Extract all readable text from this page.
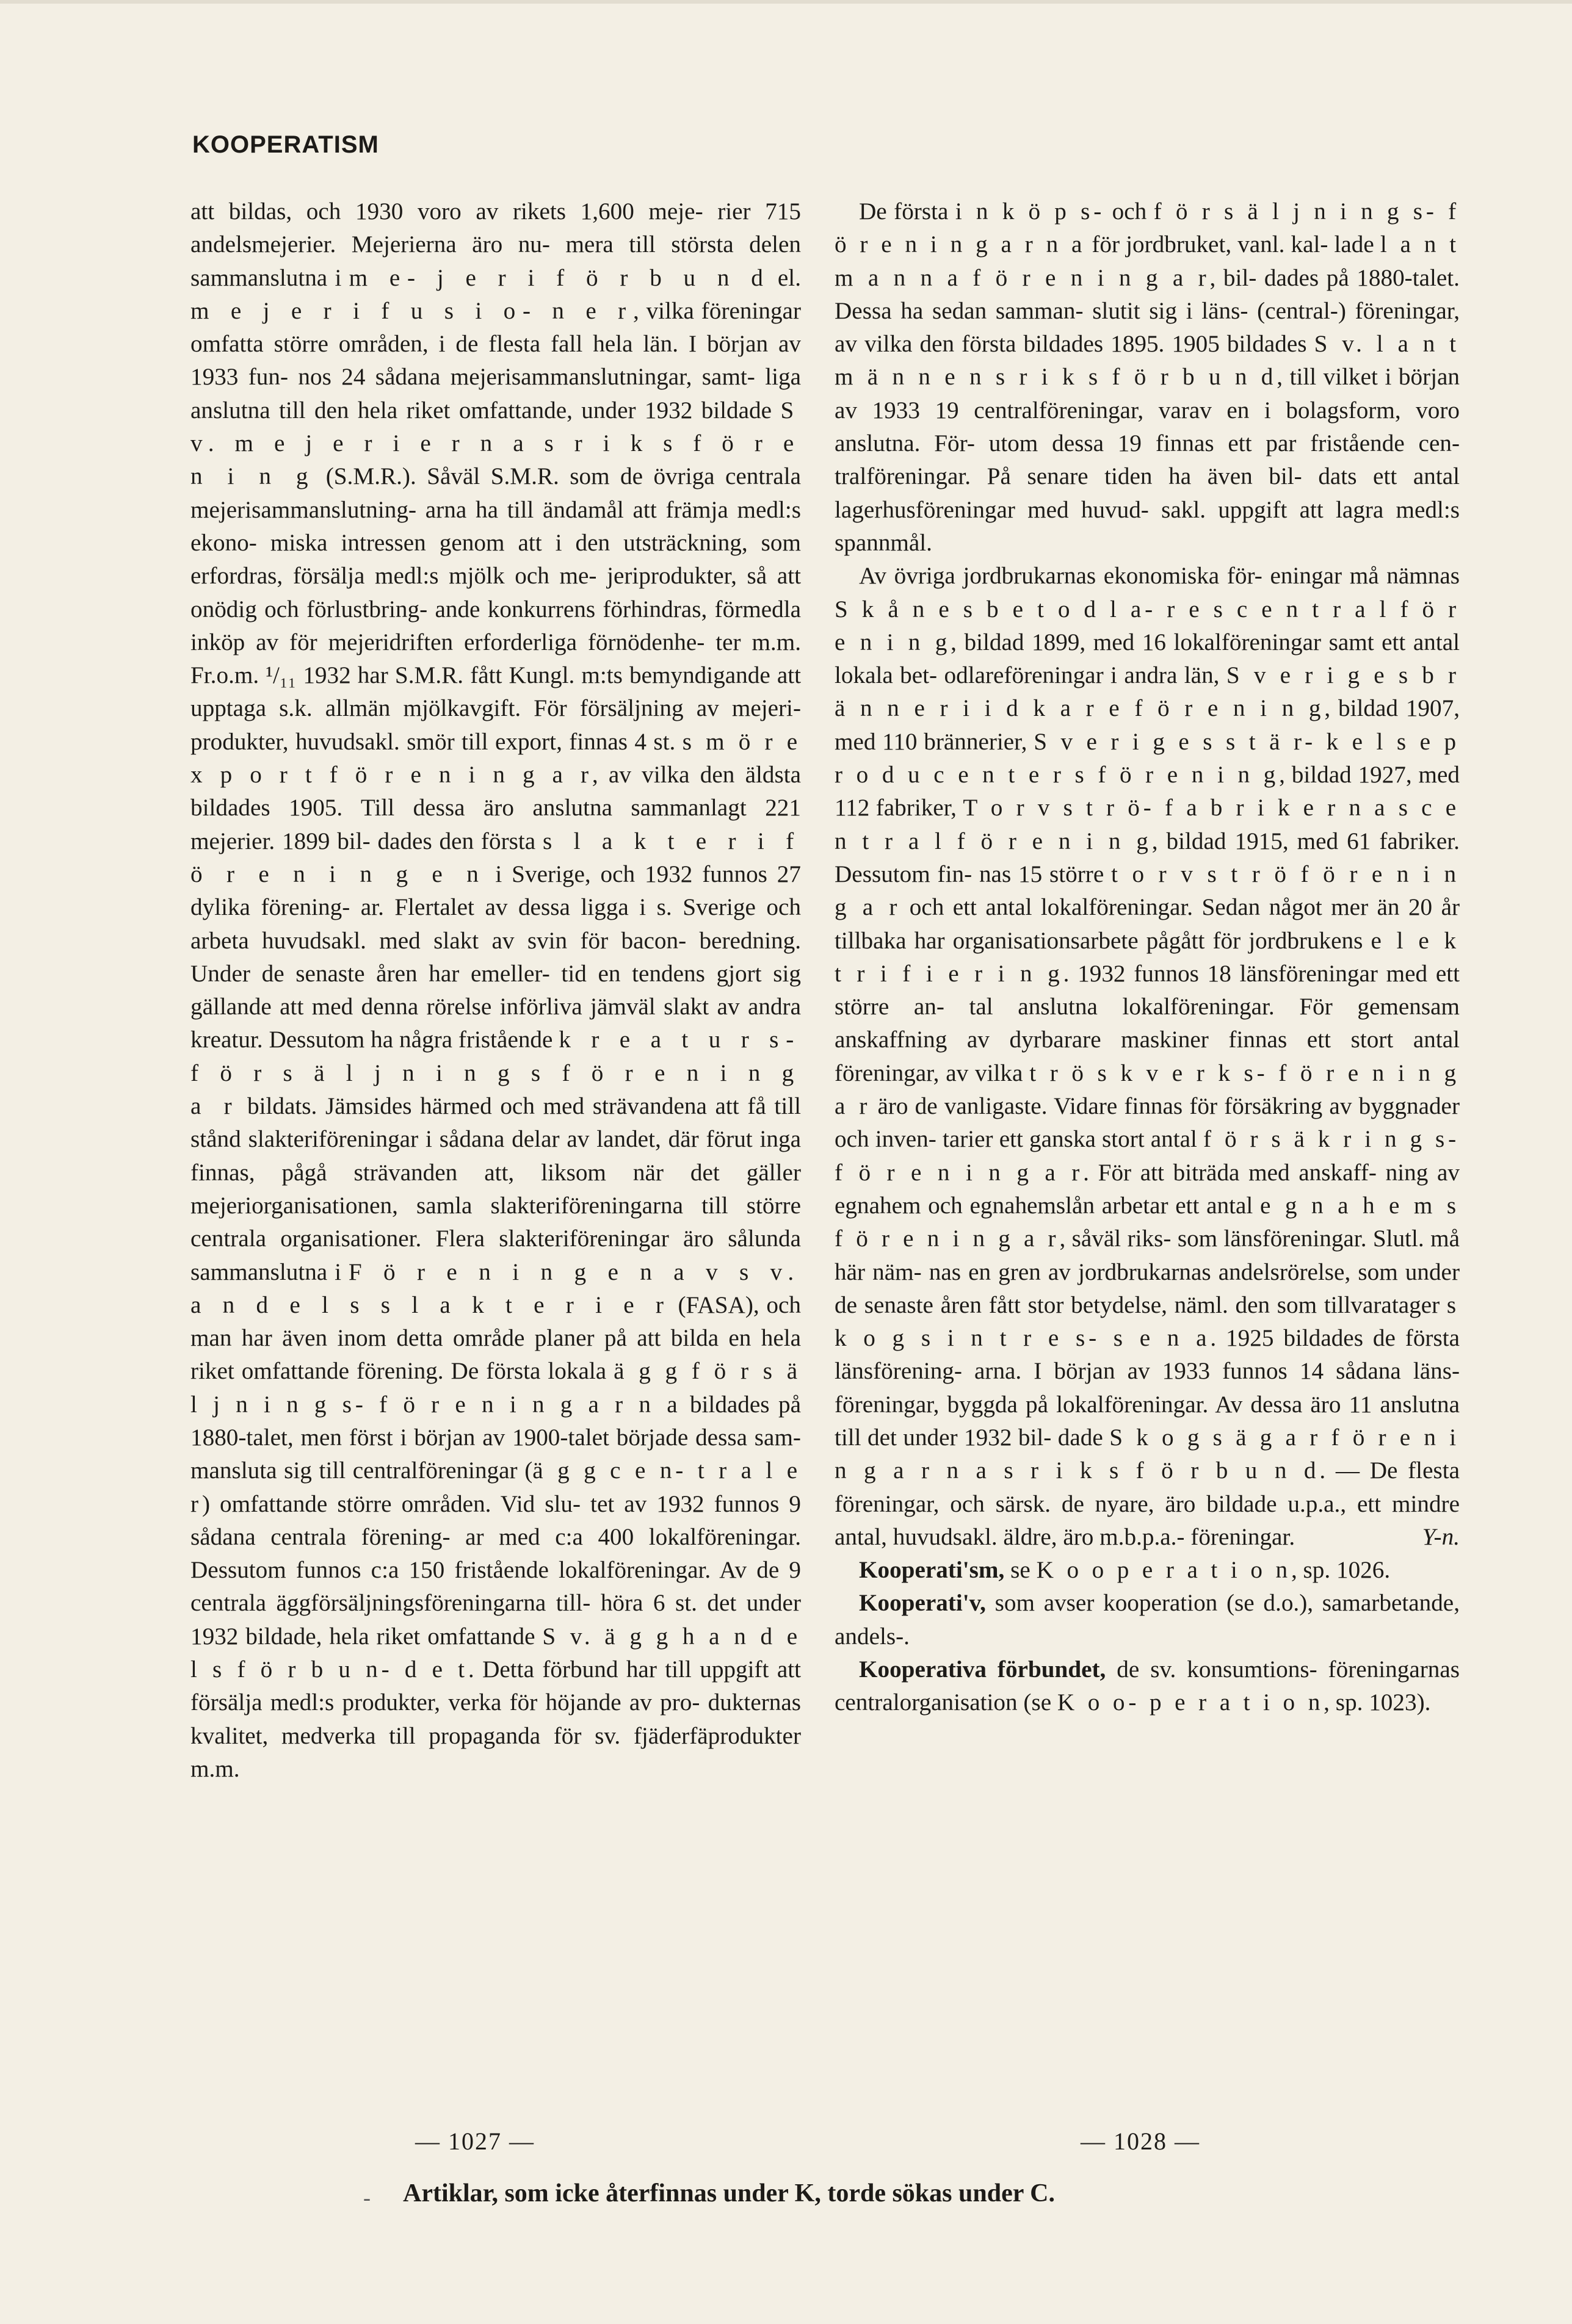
KOOPERATISM

att bildas, och 1930 voro av rikets 1,600 meje- rier 715 andelsmejerier. Mejerierna äro nu- mera till största delen sammanslutna i m e- j e r i f ö r b u n d el. m e j e r i f u s i o- n e r, vilka föreningar omfatta större områden, i de flesta fall hela län. I början av 1933 fun- nos 24 sådana mejerisammanslutningar, samt- liga anslutna till den hela riket omfattande, under 1932 bildade S v. m e j e r i e r n a s r i k s f ö r e n i n g (S.M.R.). Såväl S.M.R. som de övriga centrala mejerisammanslutning- arna ha till ändamål att främja medl:s ekono- miska intressen genom att i den utsträckning, som erfordras, försälja medl:s mjölk och me- jeriprodukter, så att onödig och förlustbring- ande konkurrens förhindras, förmedla inköp av för mejeridriften erforderliga förnödenhe- ter m.m. Fr.o.m. ¹/₁₁ 1932 har S.M.R. fått Kungl. m:ts bemyndigande att upptaga s.k. allmän mjölkavgift. För försäljning av mejeri- produkter, huvudsakl. smör till export, finnas 4 st. s m ö r e x p o r t f ö r e n i n g a r, av vilka den äldsta bildades 1905. Till dessa äro anslutna sammanlagt 221 mejerier. 1899 bil- dades den första s l a k t e r i f ö r e n i n g e n i Sverige, och 1932 funnos 27 dylika förening- ar. Flertalet av dessa ligga i s. Sverige och arbeta huvudsakl. med slakt av svin för bacon- beredning. Under de senaste åren har emeller- tid en tendens gjort sig gällande att med denna rörelse införliva jämväl slakt av andra kreatur. Dessutom ha några fristående k r e a t u r s- f ö r s ä l j n i n g s f ö r e n i n g a r bildats. Jämsides härmed och med strävandena att få till stånd slakteriföreningar i sådana delar av landet, där förut inga finnas, pågå strävanden att, liksom när det gäller mejeriorganisationen, samla slakteriföreningarna till större centrala organisationer. Flera slakteriföreningar äro sålunda sammanslutna i F ö r e n i n g e n a v s v. a n d e l s s l a k t e r i e r (FASA), och man har även inom detta område planer på att bilda en hela riket omfattande förening. De första lokala ä g g f ö r s ä l j n i n g s- f ö r e n i n g a r n a bildades på 1880-talet, men först i början av 1900-talet började dessa sam- mansluta sig till centralföreningar (ä g g c e n- t r a l e r) omfattande större områden. Vid slu- tet av 1932 funnos 9 sådana centrala förening- ar med c:a 400 lokalföreningar. Dessutom funnos c:a 150 fristående lokalföreningar. Av de 9 centrala äggförsäljningsföreningarna till- höra 6 st. det under 1932 bildade, hela riket omfattande S v. ä g g h a n d e l s f ö r b u n- d e t. Detta förbund har till uppgift att försälja medl:s produkter, verka för höjande av pro- dukternas kvalitet, medverka till propaganda för sv. fjäderfäprodukter m.m.

De första i n k ö p s- och f ö r s ä l j n i n g s- f ö r e n i n g a r n a för jordbruket, vanl. kal- lade l a n t m a n n a f ö r e n i n g a r, bil- dades på 1880-talet. Dessa ha sedan samman- slutit sig i läns- (central-) föreningar, av vilka den första bildades 1895. 1905 bildades S v. l a n t m ä n n e n s r i k s f ö r b u n d, till vilket i början av 1933 19 centralföreningar, varav en i bolagsform, voro anslutna. För- utom dessa 19 finnas ett par fristående cen- tralföreningar. På senare tiden ha även bil- dats ett antal lagerhusföreningar med huvud- sakl. uppgift att lagra medl:s spannmål.

Av övriga jordbrukarnas ekonomiska för- eningar må nämnas S k å n e s b e t o d l a- r e s c e n t r a l f ö r e n i n g, bildad 1899, med 16 lokalföreningar samt ett antal lokala bet- odlareföreningar i andra län, S v e r i g e s b r ä n n e r i i d k a r e f ö r e n i n g, bildad 1907, med 110 brännerier, S v e r i g e s s t ä r- k e l s e p r o d u c e n t e r s f ö r e n i n g, bildad 1927, med 112 fabriker, T o r v s t r ö- f a b r i k e r n a s c e n t r a l f ö r e n i n g, bildad 1915, med 61 fabriker. Dessutom fin- nas 15 större t o r v s t r ö f ö r e n i n g a r och ett antal lokalföreningar. Sedan något mer än 20 år tillbaka har organisationsarbete pågått för jordbrukens e l e k t r i f i e r i n g. 1932 funnos 18 länsföreningar med ett större an- tal anslutna lokalföreningar. För gemensam anskaffning av dyrbarare maskiner finnas ett stort antal föreningar, av vilka t r ö s k v e r k s- f ö r e n i n g a r äro de vanligaste. Vidare finnas för försäkring av byggnader och inven- tarier ett ganska stort antal f ö r s ä k r i n g s- f ö r e n i n g a r. För att biträda med anskaff- ning av egnahem och egnahemslån arbetar ett antal e g n a h e m s f ö r e n i n g a r, såväl riks- som länsföreningar. Slutl. må här näm- nas en gren av jordbrukarnas andelsrörelse, som under de senaste åren fått stor betydelse, näml. den som tillvaratager s k o g s i n t r e s- s e n a. 1925 bildades de första länsförening- arna. I början av 1933 funnos 14 sådana läns- föreningar, byggda på lokalföreningar. Av dessa äro 11 anslutna till det under 1932 bil- dade S k o g s ä g a r f ö r e n i n g a r n a s r i k s f ö r b u n d. — De flesta föreningar, och särsk. de nyare, äro bildade u.p.a., ett mindre antal, huvudsakl. äldre, äro m.b.p.a.- föreningar.	Y-n.

Kooperati'sm, se K o o p e r a t i o n, sp. 1026.

Kooperati'v, som avser kooperation (se d.o.), samarbetande, andels-.

Kooperativa förbundet, de sv. konsumtions- föreningarnas centralorganisation (se K o o- p e r a t i o n, sp. 1023).

— 1027 —	— 1028 —
- Artiklar, som icke återfinnas under K, torde sökas under C.
